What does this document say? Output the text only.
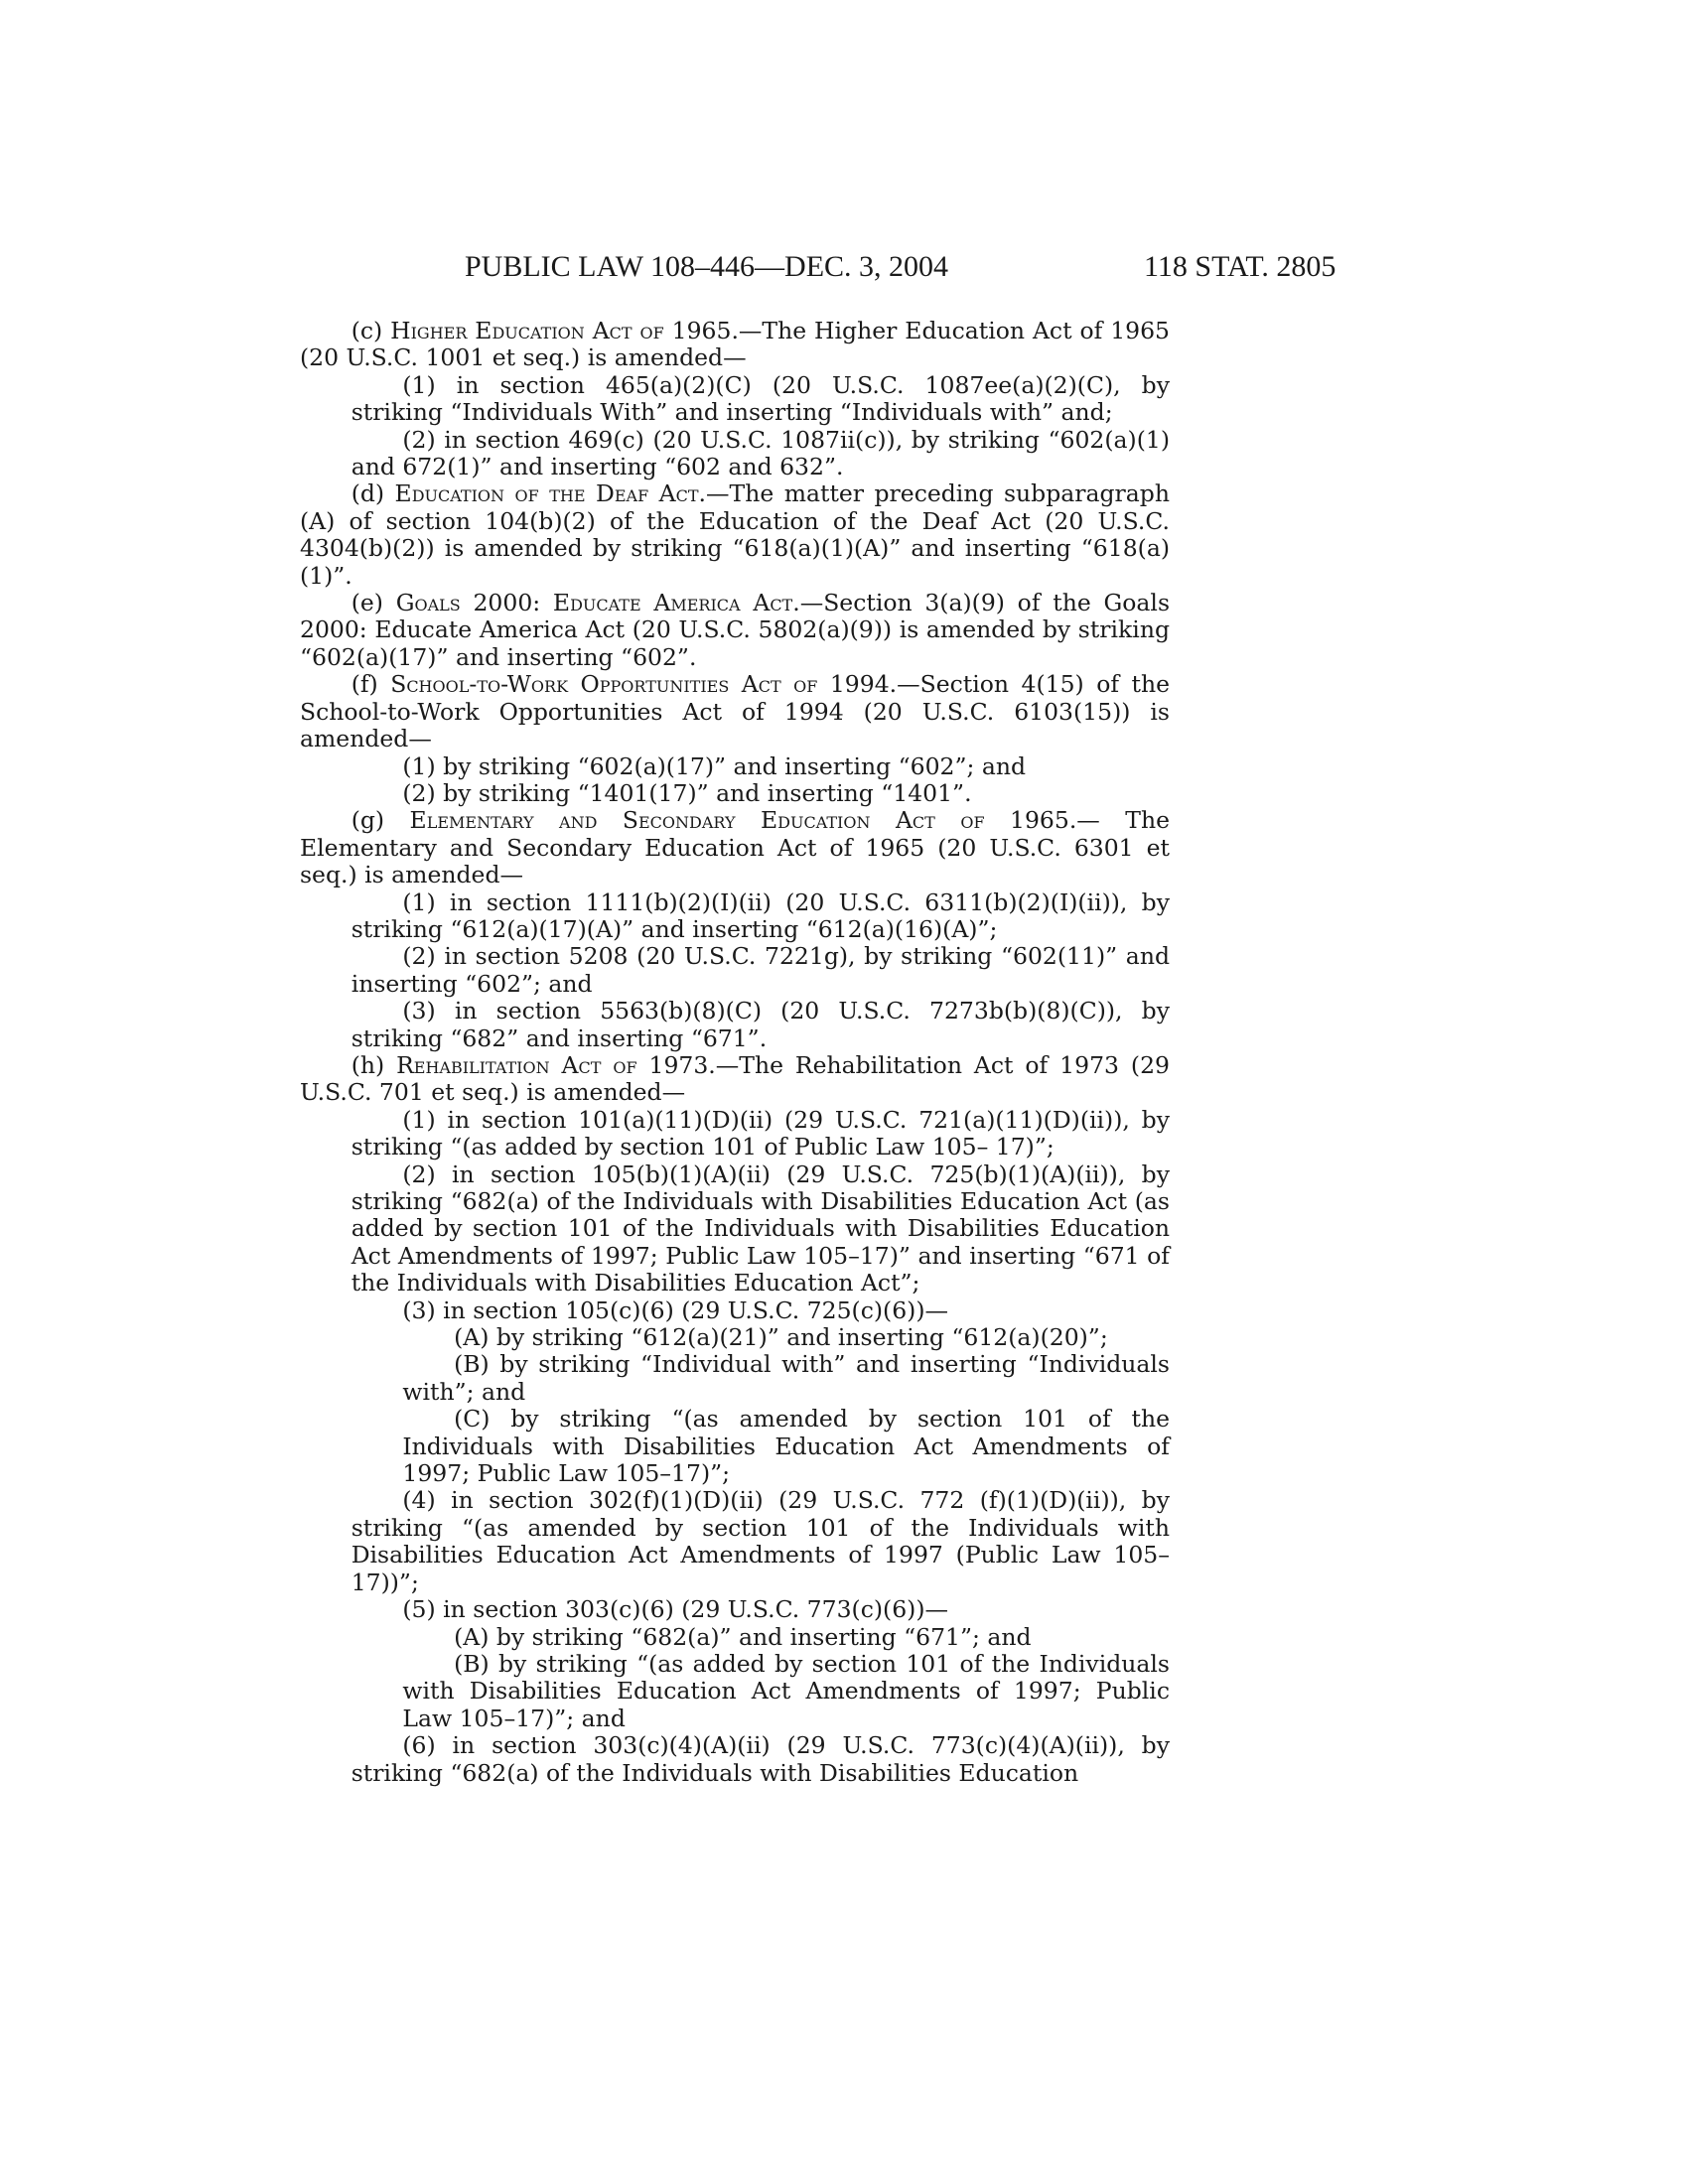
PUBLIC LAW 108–446—DEC. 3, 2004	118 STAT. 2805

(c) Higher Education Act of 1965.—The Higher Education Act of 1965 (20 U.S.C. 1001 et seq.) is amended—

(1) in section 465(a)(2)(C) (20 U.S.C. 1087ee(a)(2)(C), by striking “Individuals With” and inserting “Individuals with” and;

(2) in section 469(c) (20 U.S.C. 1087ii(c)), by striking “602(a)(1) and 672(1)” and inserting “602 and 632”.

(d) Education of the Deaf Act.—The matter preceding subparagraph (A) of section 104(b)(2) of the Education of the Deaf Act (20 U.S.C. 4304(b)(2)) is amended by striking “618(a)(1)(A)” and inserting “618(a)(1)”.

(e) Goals 2000: Educate America Act.—Section 3(a)(9) of the Goals 2000: Educate America Act (20 U.S.C. 5802(a)(9)) is amended by striking “602(a)(17)” and inserting “602”.

(f) School-to-Work Opportunities Act of 1994.—Section 4(15) of the School-to-Work Opportunities Act of 1994 (20 U.S.C. 6103(15)) is amended—

(1) by striking “602(a)(17)” and inserting “602”; and

(2) by striking “1401(17)” and inserting “1401”.

(g) Elementary and Secondary Education Act of 1965.— The Elementary and Secondary Education Act of 1965 (20 U.S.C. 6301 et seq.) is amended—

(1) in section 1111(b)(2)(I)(ii) (20 U.S.C. 6311(b)(2)(I)(ii)), by striking “612(a)(17)(A)” and inserting “612(a)(16)(A)”;

(2) in section 5208 (20 U.S.C. 7221g), by striking “602(11)” and inserting “602”; and

(3) in section 5563(b)(8)(C) (20 U.S.C. 7273b(b)(8)(C)), by striking “682” and inserting “671”.

(h) Rehabilitation Act of 1973.—The Rehabilitation Act of 1973 (29 U.S.C. 701 et seq.) is amended—

(1) in section 101(a)(11)(D)(ii) (29 U.S.C. 721(a)(11)(D)(ii)), by striking “(as added by section 101 of Public Law 105– 17)”;

(2) in section 105(b)(1)(A)(ii) (29 U.S.C. 725(b)(1)(A)(ii)), by striking “682(a) of the Individuals with Disabilities Education Act (as added by section 101 of the Individuals with Disabilities Education Act Amendments of 1997; Public Law 105–17)” and inserting “671 of the Individuals with Disabilities Education Act”;

(3) in section 105(c)(6) (29 U.S.C. 725(c)(6))—

(A) by striking “612(a)(21)” and inserting “612(a)(20)”;

(B) by striking “Individual with” and inserting “Individuals with”; and

(C) by striking “(as amended by section 101 of the Individuals with Disabilities Education Act Amendments of 1997; Public Law 105–17)”;

(4) in section 302(f)(1)(D)(ii) (29 U.S.C. 772 (f)(1)(D)(ii)), by striking “(as amended by section 101 of the Individuals with Disabilities Education Act Amendments of 1997 (Public Law 105–17))”;

(5) in section 303(c)(6) (29 U.S.C. 773(c)(6))—

(A) by striking “682(a)” and inserting “671”; and

(B) by striking “(as added by section 101 of the Individuals with Disabilities Education Act Amendments of 1997; Public Law 105–17)”; and

(6) in section 303(c)(4)(A)(ii) (29 U.S.C. 773(c)(4)(A)(ii)), by striking “682(a) of the Individuals with Disabilities Education
